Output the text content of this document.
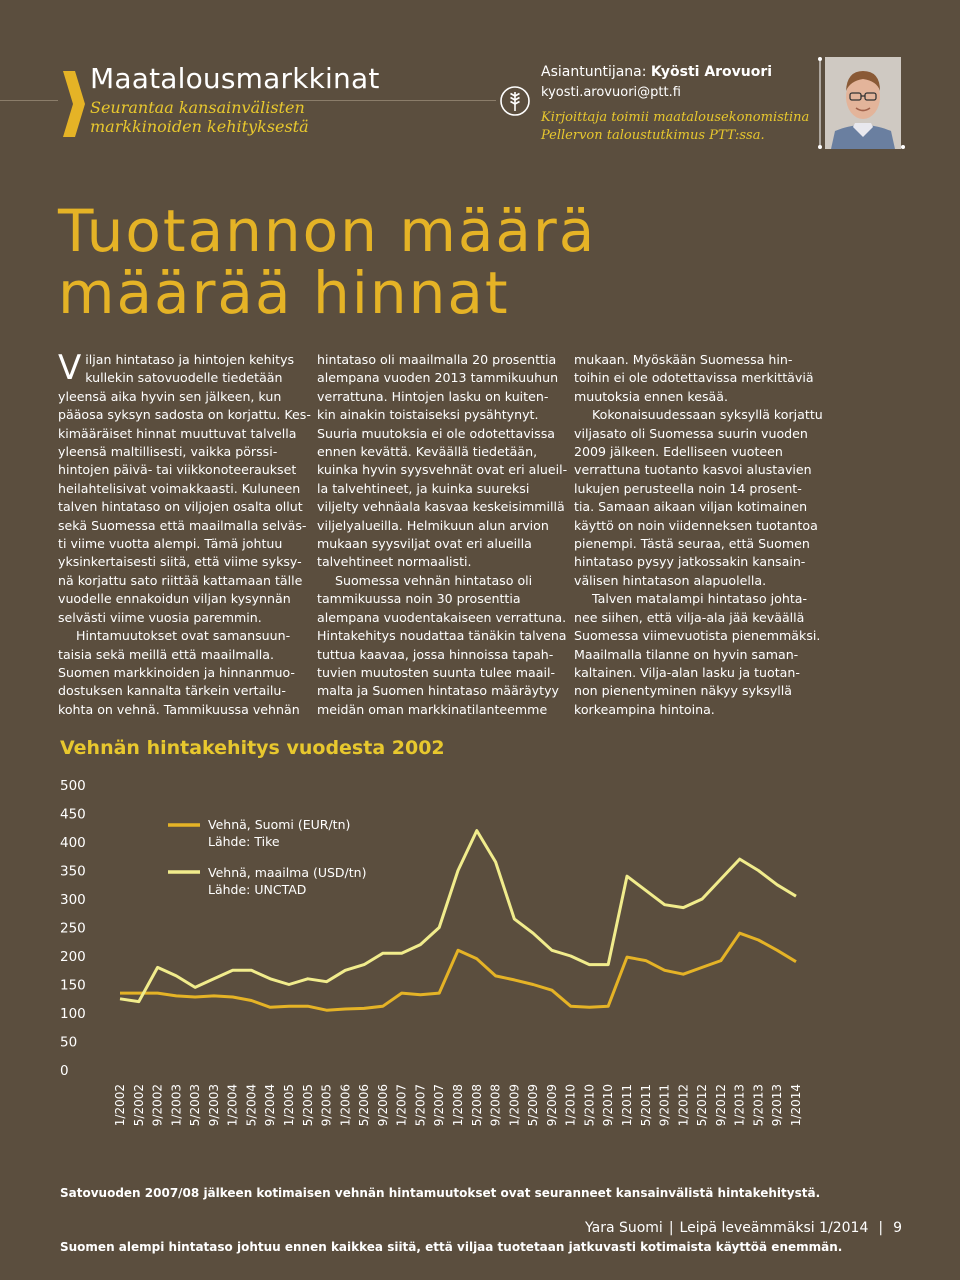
Maatalousmarkkinat
Seurantaa kansainvälisten
markkinoiden kehityksestä
Asiantuntijana: Kyösti Arovuori
kyosti.arovuori@ptt.fi
Kirjoittaja toimii maatalousekonomistina
Pellervon taloustutkimus PTT:ssa.
Tuotannon määrä
määrää hinnat
V iljan hintataso ja hintojen kehitys

kullekin satovuodelle tiedetään

yleensä aika hyvin sen jälkeen, kun

pääosa syksyn sadosta on korjattu. Kes-

kimääräiset hinnat muuttuvat talvella

yleensä maltillisesti, vaikka pörssi-

hintojen päivä- tai viikkonoteeraukset

heilahtelisivat voimakkaasti. Kuluneen

talven hintataso on viljojen osalta ollut

sekä Suomessa että maailmalla selväs-

ti viime vuotta alempi. Tämä johtuu

yksinkertaisesti siitä, että viime syksy-

nä korjattu sato riittää kattamaan tälle

vuodelle ennakoidun viljan kysynnän

selvästi viime vuosia paremmin.

Hintamuutokset ovat samansuun-

taisia sekä meillä että maailmalla.

Suomen markkinoiden ja hinnanmuo-

dostuksen kannalta tärkein vertailu-

kohta on vehnä. Tammikuussa vehnän

hintataso oli maailmalla 20 prosenttia

alempana vuoden 2013 tammikuuhun

verrattuna. Hintojen lasku on kuiten-

kin ainakin toistaiseksi pysähtynyt.

Suuria muutoksia ei ole odotettavissa

ennen kevättä. Keväällä tiedetään,

kuinka hyvin syysvehnät ovat eri alueil-

la talvehtineet, ja kuinka suureksi

viljelty vehnäala kasvaa keskeisimmillä

viljelyalueilla. Helmikuun alun arvion

mukaan syysviljat ovat eri alueilla

talvehtineet normaalisti.

Suomessa vehnän hintataso oli

tammikuussa noin 30 prosenttia

alempana vuodentakaiseen verrattuna.

Hintakehitys noudattaa tänäkin talvena

tuttua kaavaa, jossa hinnoissa tapah-

tuvien muutosten suunta tulee maail-

malta ja Suomen hintataso määräytyy

meidän oman markkinatilanteemme

mukaan. Myöskään Suomessa hin-

toihin ei ole odotettavissa merkittäviä

muutoksia ennen kesää.

Kokonaisuudessaan syksyllä korjattu

viljasato oli Suomessa suurin vuoden

2009 jälkeen. Edelliseen vuoteen

verrattuna tuotanto kasvoi alustavien

lukujen perusteella noin 14 prosent-

tia. Samaan aikaan viljan kotimainen

käyttö on noin viidenneksen tuotantoa

pienempi. Tästä seuraa, että Suomen

hintataso pysyy jatkossakin kansain-

välisen hintatason alapuolella.

Talven matalampi hintataso johta-

nee siihen, että vilja-ala jää keväällä

Suomessa viimevuotista pienemmäksi.

Maailmalla tilanne on hyvin saman-

kaltainen. Vilja-alan lasku ja tuotan-

non pienentyminen näkyy syksyllä

korkeampina hintoina.

Vehnän hintakehitys vuodesta 2002
0
50
100
150
200
250
300
350
400
450
500
1/2002 5/2002 9/2002 1/2003 5/2003 9/2003 1/2004 5/2004 9/2004 1/2005 5/2005 9/2005 1/2006 5/2006 9/2006 1/2007 5/2007 9/2007 1/2008 5/2008 9/2008 1/2009 5/2009 9/2009 1/2010 5/2010 9/2010 1/2011 5/2011 9/2011 1/2012 5/2012 9/2012 1/2013 5/2013 9/2013 1/2014
Vehnä, Suomi (EUR/tn)
Lähde: Tike
Vehnä, maailma (USD/tn)
Lähde: UNCTAD

Satovuoden 2007/08 jälkeen kotimaisen vehnän hintamuutokset ovat seuranneet kansainvälistä hintakehitystä.

Suomen alempi hintataso johtuu ennen kaikkea siitä, että viljaa tuotetaan jatkuvasti kotimaista käyttöä enemmän.

Yara Suomi | Leipä leveämmäksi 1/2014 | 9
